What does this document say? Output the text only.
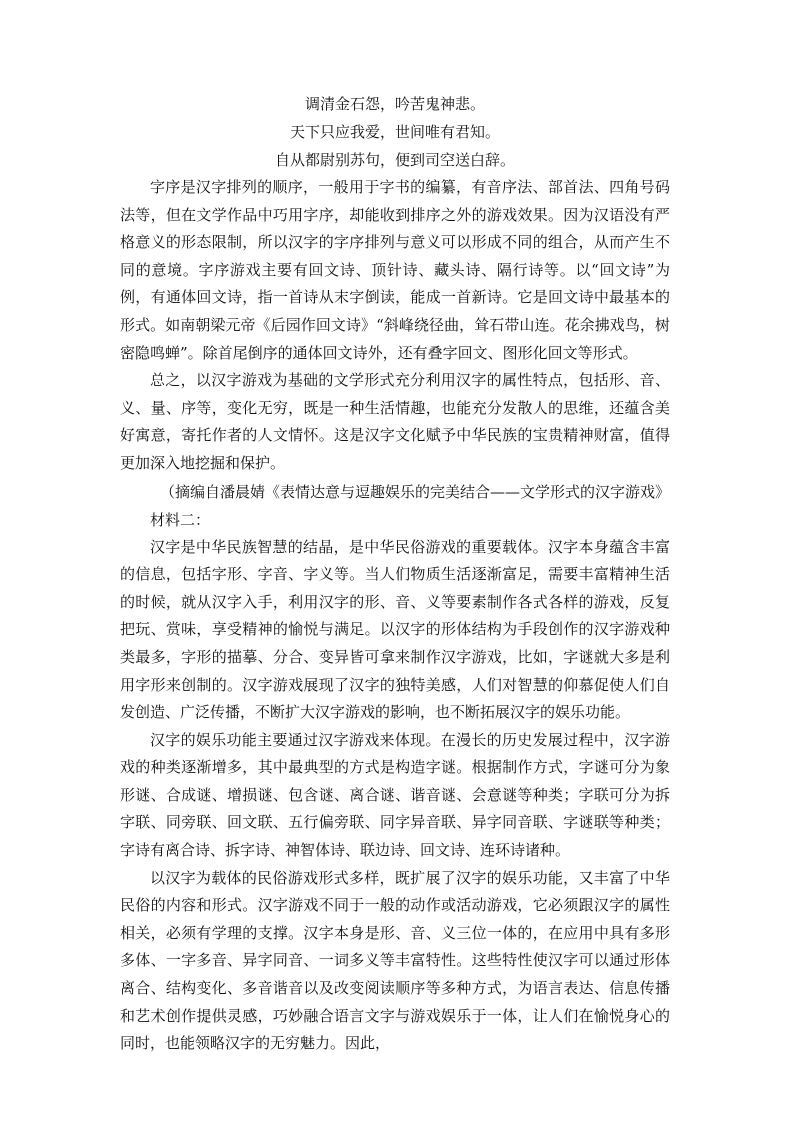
调清金石怨，吟苦鬼神悲。
天下只应我爱，世间唯有君知。
自从都尉别苏句，便到司空送白辞。

字序是汉字排列的顺序，一般用于字书的编纂，有音序法、部首法、四角号码法等，但在文学作品中巧用字序，却能收到排序之外的游戏效果。因为汉语没有严格意义的形态限制，所以汉字的字序排列与意义可以形成不同的组合，从而产生不同的意境。字序游戏主要有回文诗、顶针诗、藏头诗、隔行诗等。以“回文诗”为例，有通体回文诗，指一首诗从末字倒读，能成一首新诗。它是回文诗中最基本的形式。如南朝梁元帝《后园作回文诗》“斜峰绕径曲，耸石带山连。花余拂戏鸟，树密隐鸣蝉”。除首尾倒序的通体回文诗外，还有叠字回文、图形化回文等形式。

总之，以汉字游戏为基础的文学形式充分利用汉字的属性特点，包括形、音、义、量、序等，变化无穷，既是一种生活情趣，也能充分发散人的思维，还蕴含美好寓意，寄托作者的人文情怀。这是汉字文化赋予中华民族的宝贵精神财富，值得更加深入地挖掘和保护。

（摘编自潘晨婧《表情达意与逗趣娱乐的完美结合——文学形式的汉字游戏》

材料二：

汉字是中华民族智慧的结晶，是中华民俗游戏的重要载体。汉字本身蕴含丰富的信息，包括字形、字音、字义等。当人们物质生活逐渐富足，需要丰富精神生活的时候，就从汉字入手，利用汉字的形、音、义等要素制作各式各样的游戏，反复把玩、赏味，享受精神的愉悦与满足。以汉字的形体结构为手段创作的汉字游戏种类最多，字形的描摹、分合、变异皆可拿来制作汉字游戏，比如，字谜就大多是利用字形来创制的。汉字游戏展现了汉字的独特美感，人们对智慧的仰慕促使人们自发创造、广泛传播，不断扩大汉字游戏的影响，也不断拓展汉字的娱乐功能。

汉字的娱乐功能主要通过汉字游戏来体现。在漫长的历史发展过程中，汉字游戏的种类逐渐增多，其中最典型的方式是构造字谜。根据制作方式，字谜可分为象形谜、合成谜、增损谜、包含谜、离合谜、谐音谜、会意谜等种类；字联可分为拆字联、同旁联、回文联、五行偏旁联、同字异音联、异字同音联、字谜联等种类；字诗有离合诗、拆字诗、神智体诗、联边诗、回文诗、连环诗诸种。

以汉字为载体的民俗游戏形式多样，既扩展了汉字的娱乐功能，又丰富了中华民俗的内容和形式。汉字游戏不同于一般的动作或活动游戏，它必须跟汉字的属性相关，必须有学理的支撑。汉字本身是形、音、义三位一体的，在应用中具有多形多体、一字多音、异字同音、一词多义等丰富特性。这些特性使汉字可以通过形体离合、结构变化、多音谐音以及改变阅读顺序等多种方式，为语言表达、信息传播和艺术创作提供灵感，巧妙融合语言文字与游戏娱乐于一体，让人们在愉悦身心的同时，也能领略汉字的无穷魅力。因此，
